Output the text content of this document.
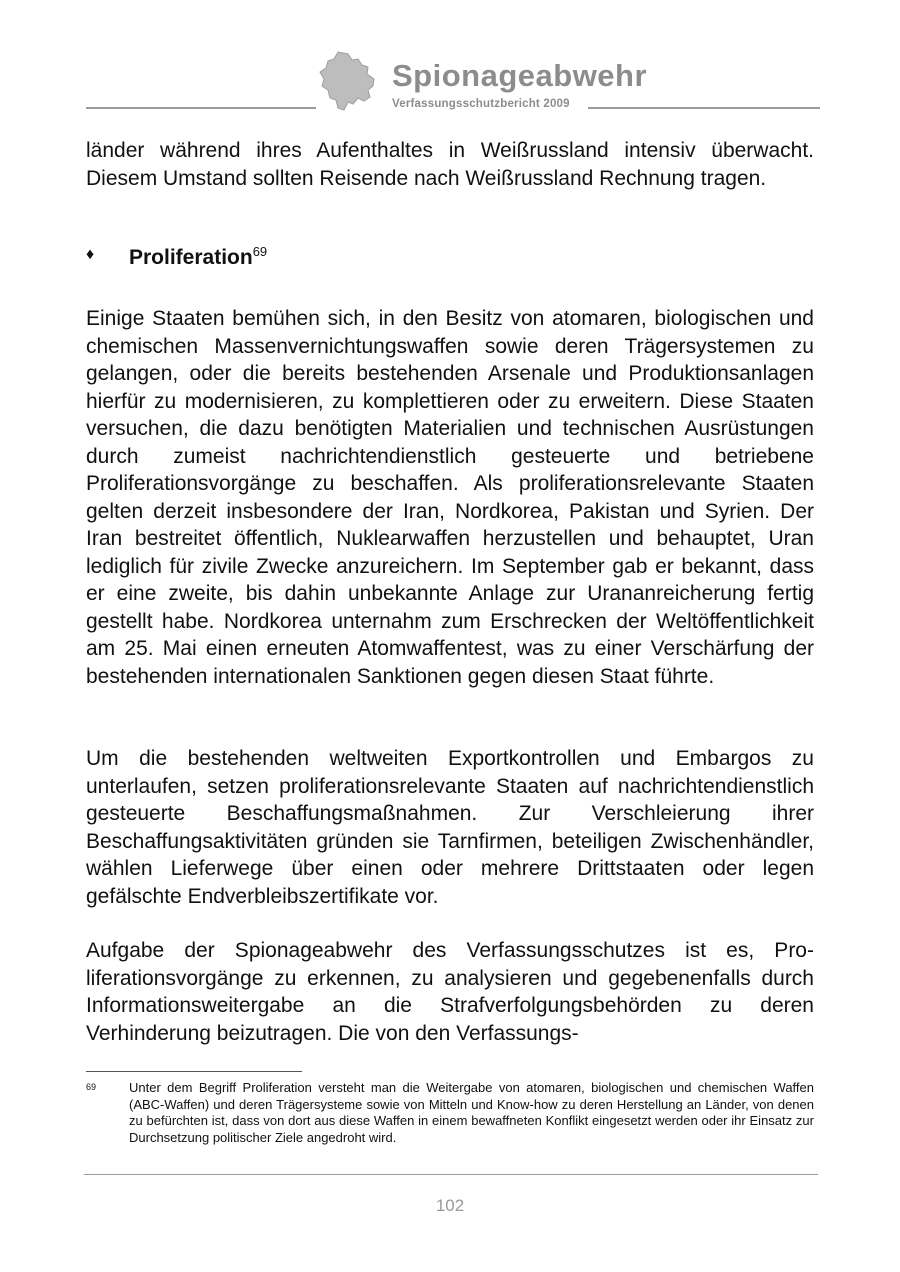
Spionageabwehr
Verfassungsschutzbericht 2009

länder während ihres Aufenthaltes in Weißrussland intensiv überwacht. Diesem Umstand sollten Reisende nach Weißrussland Rechnung tragen.

♦ Proliferation$^{69}$

Einige Staaten bemühen sich, in den Besitz von atomaren, biologischen und chemischen Massenvernichtungswaffen sowie deren Trägersystemen zu gelangen, oder die bereits bestehenden Arsenale und Produktionsanlagen hierfür zu modernisieren, zu komplettieren oder zu erweitern. Diese Staaten versuchen, die dazu benötigten Materialien und technischen Ausrüstungen durch zumeist nachrichtendienstlich gesteuerte und betriebene Proliferationsvorgänge zu beschaffen. Als proliferationsrelevante Staaten gelten derzeit insbesondere der Iran, Nordkorea, Pakistan und Syrien. Der Iran bestreitet öffentlich, Nuklearwaffen herzustellen und behauptet, Uran lediglich für zivile Zwecke anzureichern. Im September gab er bekannt, dass er eine zweite, bis dahin unbekannte Anlage zur Urananreicherung fertig gestellt habe. Nordkorea unternahm zum Erschrecken der Weltöffentlichkeit am 25. Mai einen erneuten Atomwaffentest, was zu einer Verschärfung der bestehenden internationalen Sanktionen gegen diesen Staat führte.

Um die bestehenden weltweiten Exportkontrollen und Embargos zu unterlaufen, setzen proliferationsrelevante Staaten auf nachrichtendienstlich gesteuerte Beschaffungsmaßnahmen. Zur Verschleierung ihrer Beschaffungsaktivitäten gründen sie Tarnfirmen, beteiligen Zwischenhändler, wählen Lieferwege über einen oder mehrere Drittstaaten oder legen gefälschte Endverbleibszertifikate vor.

Aufgabe der Spionageabwehr des Verfassungsschutzes ist es, Proliferationsvorgänge zu erkennen, zu analysieren und gegebenenfalls durch Informationsweitergabe an die Strafverfolgungsbehörden zu deren Verhinderung beizutragen. Die von den Verfassungs-

69	Unter dem Begriff Proliferation versteht man die Weitergabe von atomaren, biologischen und chemischen Waffen (ABC-Waffen) und deren Trägersysteme sowie von Mitteln und Know-how zu deren Herstellung an Länder, von denen zu befürchten ist, dass von dort aus diese Waffen in einem bewaffneten Konflikt eingesetzt werden oder ihr Einsatz zur Durchsetzung politischer Ziele angedroht wird.

102
